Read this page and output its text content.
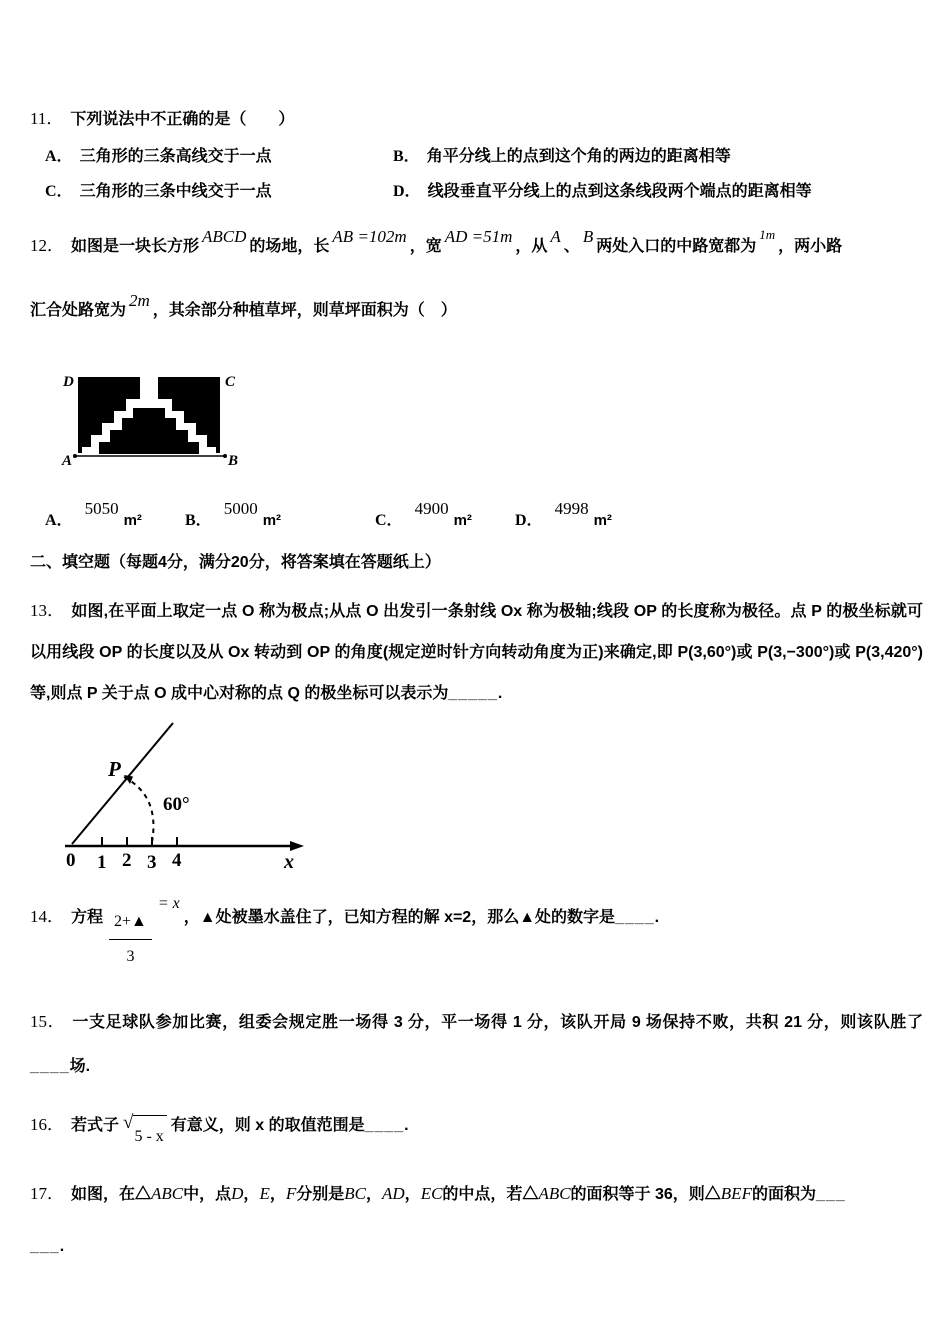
11． 下列说法中不正确的是（　　）

A． 三角形的三条高线交于一点	B． 角平分线上的点到这个角的两边的距离相等
C． 三角形的三条中线交于一点	D． 线段垂直平分线上的点到这条线段两个端点的距离相等

12． 如图是一块长方形ABCD的场地，长AB =102m，宽AD =51m，从A、B两处入口的中路宽都为1m，两小路

汇合处路宽为2m，其余部分种植草坪，则草坪面积为（　）

D	C
A	B
A．5050m²	B．5000m²	C．4900m²	D．4998m²

二、填空题（每题4分，满分20分，将答案填在答题纸上）

13． 如图,在平面上取定一点 O 称为极点;从点 O 出发引一条射线 Ox 称为极轴;线段 OP 的长度称为极径。点 P 的极坐标就可以用线段 OP 的长度以及从 Ox 转动到 OP 的角度(规定逆时针方向转动角度为正)来确定,即 P(3,60°)或 P(3,−300°)或 P(3,420°)等,则点 P 关于点 O 成中心对称的点 Q 的极坐标可以表示为_____.

P
60°
0 1 2 3 4	x

14． 方程 $\frac{2+▲}{3}$
= x，▲处被墨水盖住了，已知方程的解 x=2，那么▲处的数字是____.

15． 一支足球队参加比赛，组委会规定胜一场得 3 分，平一场得 1 分，该队开局 9 场保持不败，共积 21 分，则该队胜了____场.

16． 若式子 √
5 - x
有意义，则 x 的取值范围是____.

17． 如图，在△ABC中，点D，E，F分别是BC，AD，EC的中点，若△ABC的面积等于 36，则△BEF的面积为___

___.
